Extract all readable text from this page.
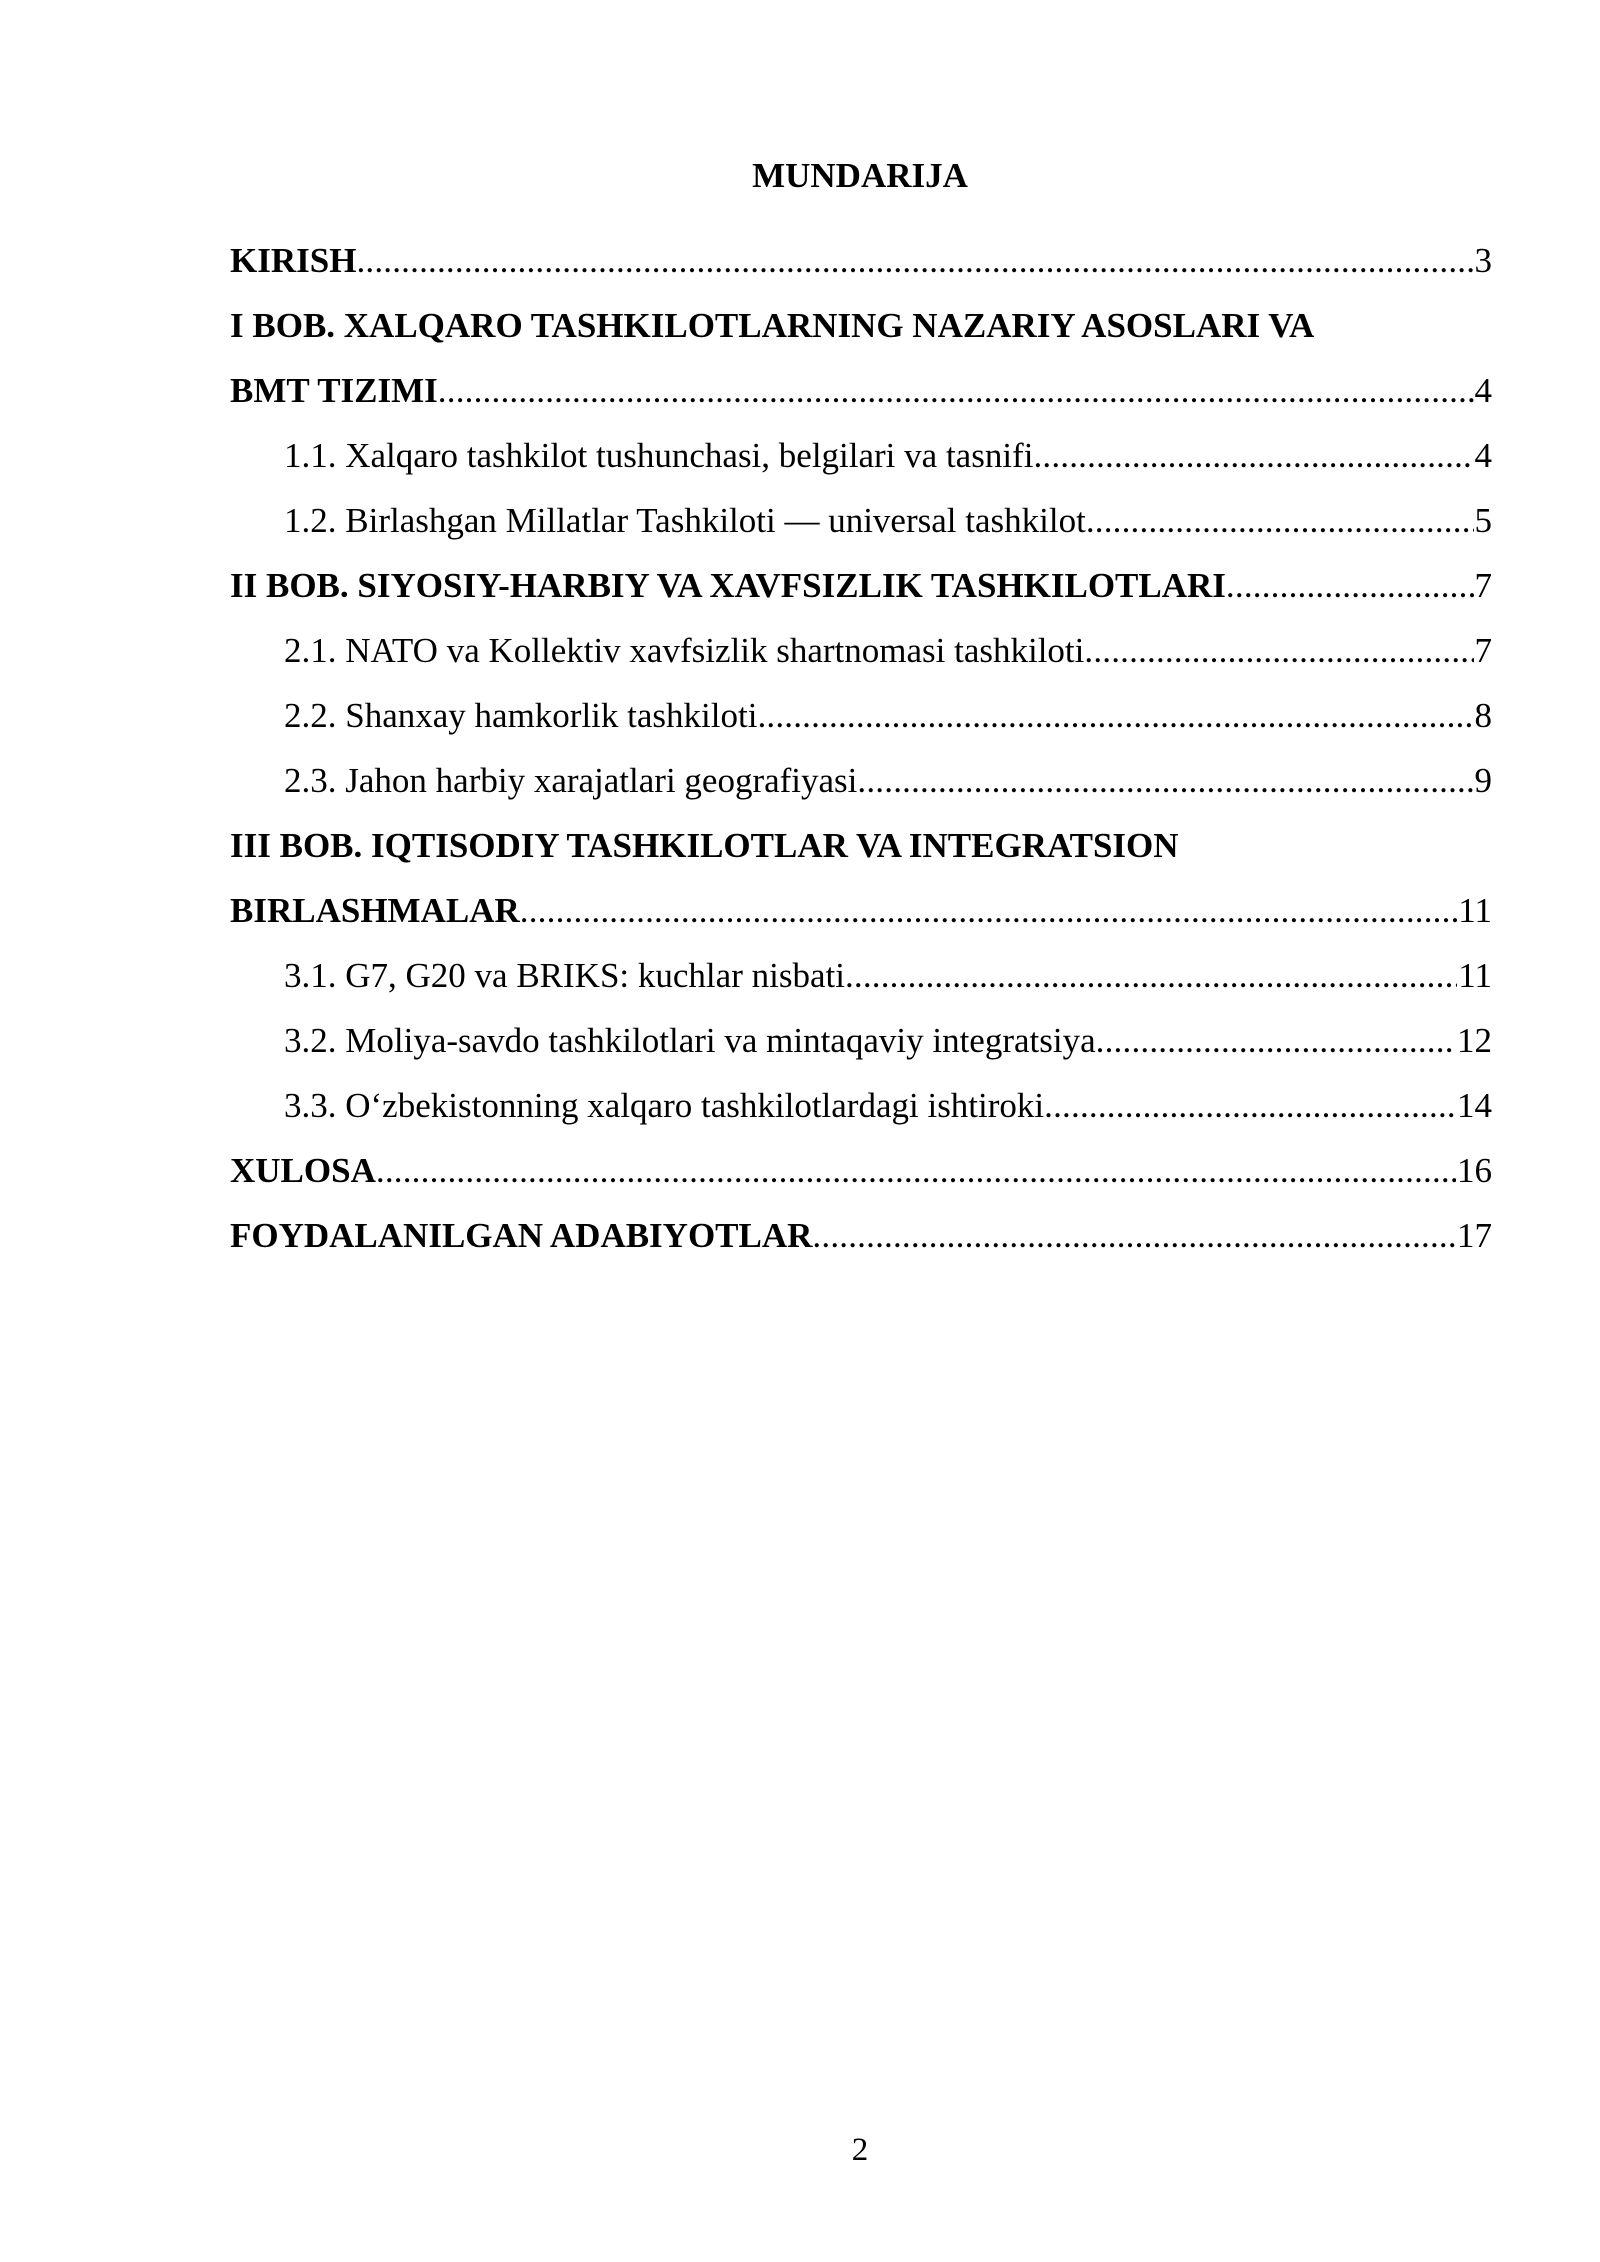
MUNDARIJA
KIRISH .....	3
I BOB. XALQARO TASHKILOTLARNING NAZARIY ASOSLARI VA
BMT TIZIMI .....	4
1.1. Xalqaro tashkilot tushunchasi, belgilari va tasnifi .....	4
1.2. Birlashgan Millatlar Tashkiloti — universal tashkilot .....	5
II BOB. SIYOSIY-HARBIY VA XAVFSIZLIK TASHKILOTLARI .....	7
2.1. NATO va Kollektiv xavfsizlik shartnomasi tashkiloti .....	7
2.2. Shanxay hamkorlik tashkiloti .....	8
2.3. Jahon harbiy xarajatlari geografiyasi .....	9
III BOB. IQTISODIY TASHKILOTLAR VA INTEGRATSION
BIRLASHMALAR .....	11
3.1. G7, G20 va BRIKS: kuchlar nisbati .....	11
3.2. Moliya-savdo tashkilotlari va mintaqaviy integratsiya .....	12
3.3. O‘zbekistonning xalqaro tashkilotlardagi ishtiroki .....	14
XULOSA .....	16
FOYDALANILGAN ADABIYOTLAR .....	17
2
